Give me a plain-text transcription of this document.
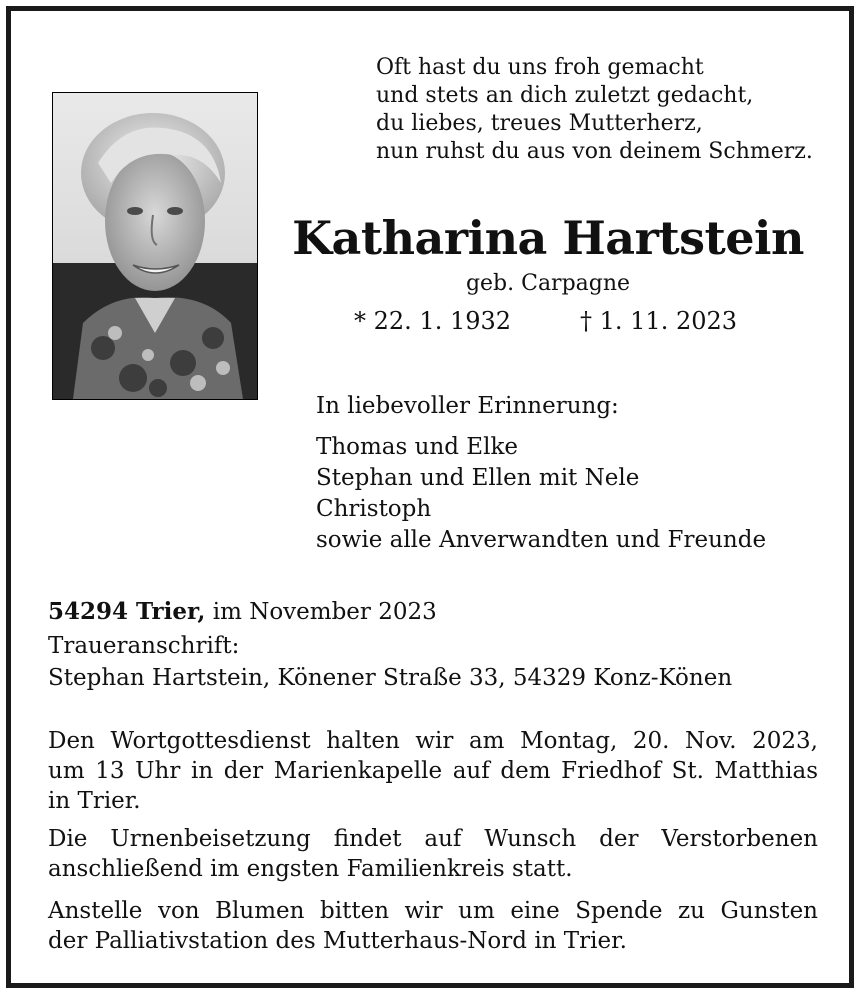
Oft hast du uns froh gemacht
und stets an dich zuletzt gedacht,
du liebes, treues Mutterherz,
nun ruhst du aus von deinem Schmerz.
Katharina Hartstein
geb. Carpagne
* 22. 1. 1932	† 1. 11. 2023
In liebevoller Erinnerung:
Thomas und Elke
Stephan und Ellen mit Nele
Christoph
sowie alle Anverwandten und Freunde
54294 Trier, im November 2023
Traueranschrift:
Stephan Hartstein, Könener Straße 33, 54329 Konz-Könen
Den Wortgottesdienst halten wir am Montag, 20. Nov. 2023,
um 13 Uhr in der Marienkapelle auf dem Friedhof St. Matthias
in Trier.
Die Urnenbeisetzung findet auf Wunsch der Verstorbenen
anschließend im engsten Familienkreis statt.
Anstelle von Blumen bitten wir um eine Spende zu Gunsten
der Palliativstation des Mutterhaus-Nord in Trier.
